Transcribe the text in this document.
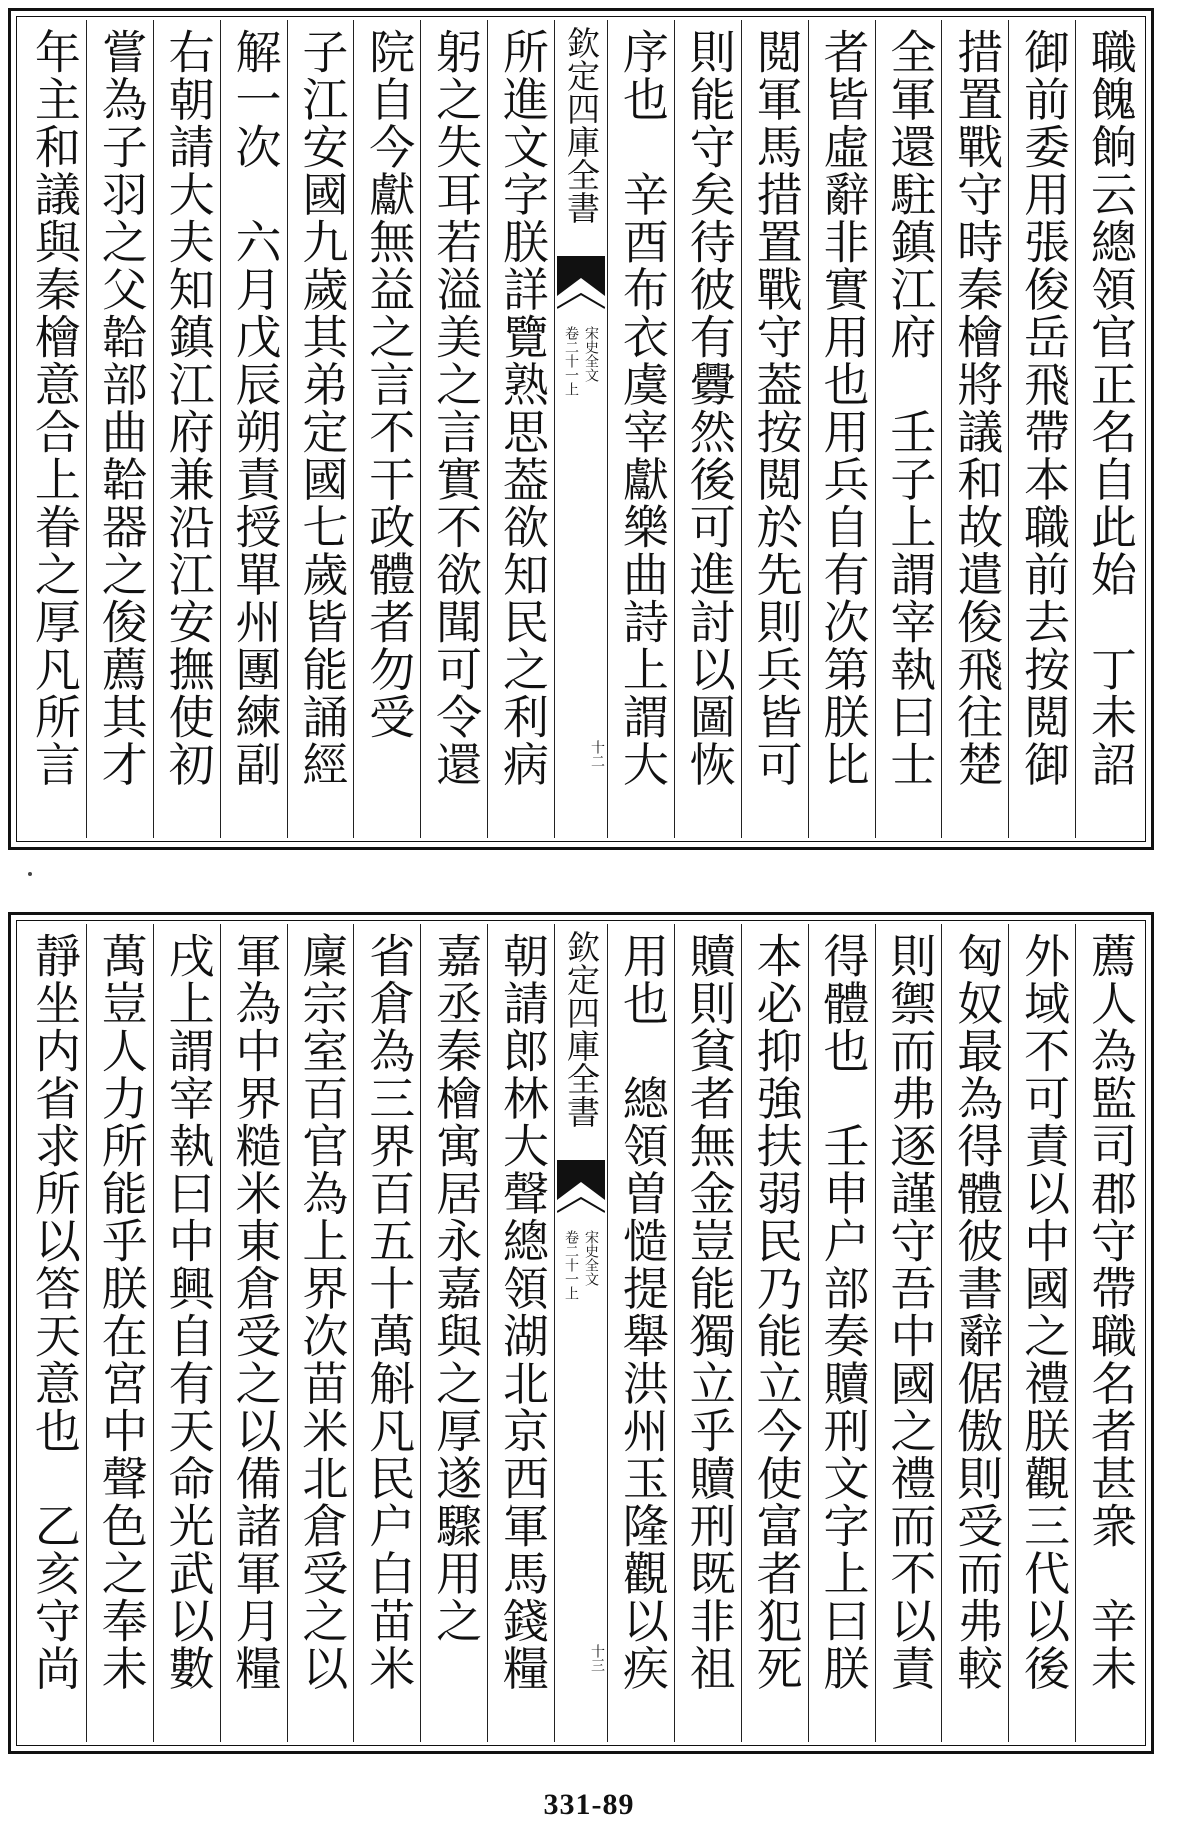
職餽餉云總領官正名自此始　丁未詔
御前委用張俊岳飛帶本職前去按閲御
措置戰守時秦檜將議和故遣俊飛往楚
全軍還駐鎮江府　壬子上謂宰執曰士
者皆虛辭非實用也用兵自有次第朕比
閲軍馬措置戰守葢按閲於先則兵皆可
則能守矣待彼有釁然後可進討以圖恢
序也　辛酉布衣虞宰獻樂曲詩上謂大
欽定四庫全書
宋史全文
卷二十一上
十二
所進文字朕詳覽熟思葢欲知民之利病
躬之失耳若溢美之言實不欲聞可令還
院自今獻無益之言不干政體者勿受　
子江安國九歲其弟定國七歲皆能誦經
解一次　六月戊辰朔責授單州團練副
右朝請大夫知鎮江府兼沿江安撫使初
嘗為子羽之父韐部曲韐器之俊薦其才
年主和議與秦檜意合上眷之厚凡所言
薦人為監司郡守帶職名者甚衆　辛未
外域不可責以中國之禮朕觀三代以後
匈奴最為得體彼書辭倨傲則受而弗較
則禦而弗逐謹守吾中國之禮而不以責
得體也　壬申户部奏贖刑文字上曰朕
本必抑強扶弱民乃能立今使富者犯死
贖則貧者無金豈能獨立乎贖刑既非祖
用也　總領曽慥提舉洪州玉隆觀以疾　
欽定四庫全書
宋史全文
卷二十一上
十三
朝請郎林大聲總領湖北京西軍馬錢糧
嘉丞秦檜寓居永嘉與之厚遂驟用之　
省倉為三界百五十萬斛凡民户白苗米
廩宗室百官為上界次苗米北倉受之以
軍為中界糙米東倉受之以備諸軍月糧　
戌上謂宰執曰中興自有天命光武以數
萬豈人力所能乎朕在宮中聲色之奉未
靜坐内省求所以答天意也　乙亥守尚
331-89
